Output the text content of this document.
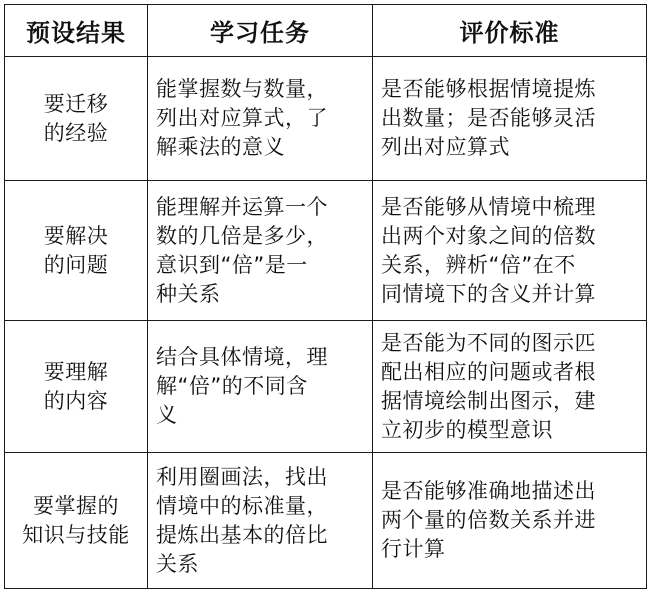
预设结果	学习任务	评价标准

要迁移
的经验	能掌握数与数量，
列出对应算式，了
解乘法的意义	是否能够根据情境提炼
出数量；是否能够灵活
列出对应算式

要解决
的问题	能理解并运算一个
数的几倍是多少，
意识到“倍”是一
种关系	是否能够从情境中梳理
出两个对象之间的倍数
关系，辨析“倍”在不
同情境下的含义并计算

要理解
的内容	结合具体情境，理
解“倍”的不同含
义	是否能为不同的图示匹
配出相应的问题或者根
据情境绘制出图示，建
立初步的模型意识

要掌握的
知识与技能	利用圈画法，找出
情境中的标准量，
提炼出基本的倍比
关系	是否能够准确地描述出
两个量的倍数关系并进
行计算
